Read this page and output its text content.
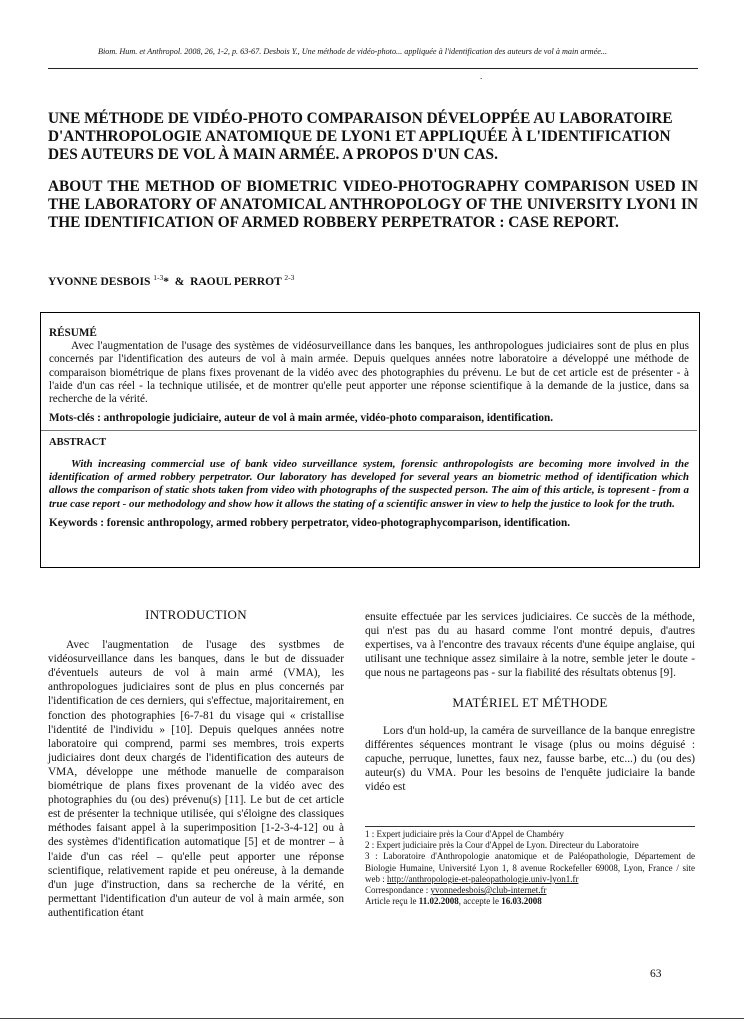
Biom. Hum. et Anthropol. 2008, 26, 1-2, p. 63-67. Desbois Y., Une méthode de vidéo-photo... appliquée à l'identification des auteurs de vol à main armée...
.
UNE MÉTHODE DE VIDÉO-PHOTO COMPARAISON DÉVELOPPÉE AU LABORATOIRE D'ANTHROPOLOGIE ANATOMIQUE DE LYON1 ET APPLIQUÉE À L'IDENTIFICATION DES AUTEURS DE VOL À MAIN ARMÉE. A PROPOS D'UN CAS.
ABOUT THE METHOD OF BIOMETRIC VIDEO-PHOTOGRAPHY COMPARISON USED IN THE LABORATORY OF ANATOMICAL ANTHROPOLOGY OF THE UNIVERSITY LYON1 IN THE IDENTIFICATION OF ARMED ROBBERY PERPETRATOR : CASE REPORT.
YVONNE DESBOIS $^{1-3}$* & RAOUL PERROT $^{2-3}$
RÉSUMÉ

Avec l'augmentation de l'usage des systèmes de vidéosurveillance dans les banques, les anthropologues judiciaires sont de plus en plus concernés par l'identification des auteurs de vol à main armée. Depuis quelques années notre laboratoire a développé une méthode de comparaison biométrique de plans fixes provenant de la vidéo avec des photographies du prévenu. Le but de cet article est de présenter - à l'aide d'un cas réel - la technique utilisée, et de montrer qu'elle peut apporter une réponse scientifique à la demande de la justice, dans sa recherche de la vérité.

Mots-clés : anthropologie judiciaire, auteur de vol à main armée, vidéo-photo comparaison, identification.
ABSTRACT

With increasing commercial use of bank video surveillance system, forensic anthropologists are becoming more involved in the identification of armed robbery perpetrator. Our laboratory has developed for several years an biometric method of identification which allows the comparison of static shots taken from video with photographs of the suspected person. The aim of this article, is topresent - from a true case report - our methodology and show how it allows the stating of a scientific answer in view to help the justice to look for the truth.

Keywords : forensic anthropology, armed robbery perpetrator, video-photographycomparison, identification.
INTRODUCTION

Avec l'augmentation de l'usage des systbmes de vidéosurveillance dans les banques, dans le but de dissuader d'éventuels auteurs de vol à main armé (VMA), les anthropologues judiciaires sont de plus en plus concernés par l'identification de ces derniers, qui s'effectue, majoritairement, en fonction des photographies [6-7-81 du visage qui « cristallise l'identité de l'individu » [10]. Depuis quelques années notre laboratoire qui comprend, parmi ses membres, trois experts judiciaires dont deux chargés de l'identification des auteurs de VMA, développe une méthode manuelle de comparaison biométrique de plans fixes provenant de la vidéo avec des photographies du (ou des) prévenu(s) [11]. Le but de cet article est de présenter la technique utilisée, qui s'éloigne des classiques méthodes faisant appel à la superimposition [1-2-3-4-12] ou à des systèmes d'identification automatique [5] et de montrer – à l'aide d'un cas réel – qu'elle peut apporter une réponse scientifique, relativement rapide et peu onéreuse, à la demande d'un juge d'instruction, dans sa recherche de la vérité, en permettant l'identification d'un auteur de vol à main armée, son authentification étant

ensuite effectuée par les services judiciaires. Ce succès de la méthode, qui n'est pas du au hasard comme l'ont montré depuis, d'autres expertises, va à l'encontre des travaux récents d'une équipe anglaise, qui utilisant une technique assez similaire à la notre, semble jeter le doute - que nous ne partageons pas - sur la fiabilité des résultats obtenus [9].

MATÉRIEL ET MÉTHODE

Lors d'un hold-up, la caméra de surveillance de la banque enregistre différentes séquences montrant le visage (plus ou moins déguisé : capuche, perruque, lunettes, faux nez, fausse barbe, etc...) du (ou des) auteur(s) du VMA. Pour les besoins de l'enquête judiciaire la bande vidéo est

1 : Expert judiciaire près la Cour d'Appel de Chambéry
2 : Expert judiciaire près la Cour d'Appel de Lyon. Directeur du Laboratoire
3 : Laboratoire d'Anthropologie anatomique et de Paléopathologie, Département de Biologie Humaine, Université Lyon 1, 8 avenue Rockefeller 69008, Lyon, France / site web : http://anthropologie-et-paleopathologie.univ-lyon1.fr
Correspondance : yvonnedesbois@club-internet.fr
Article reçu le 11.02.2008, accepte le 16.03.2008
63
